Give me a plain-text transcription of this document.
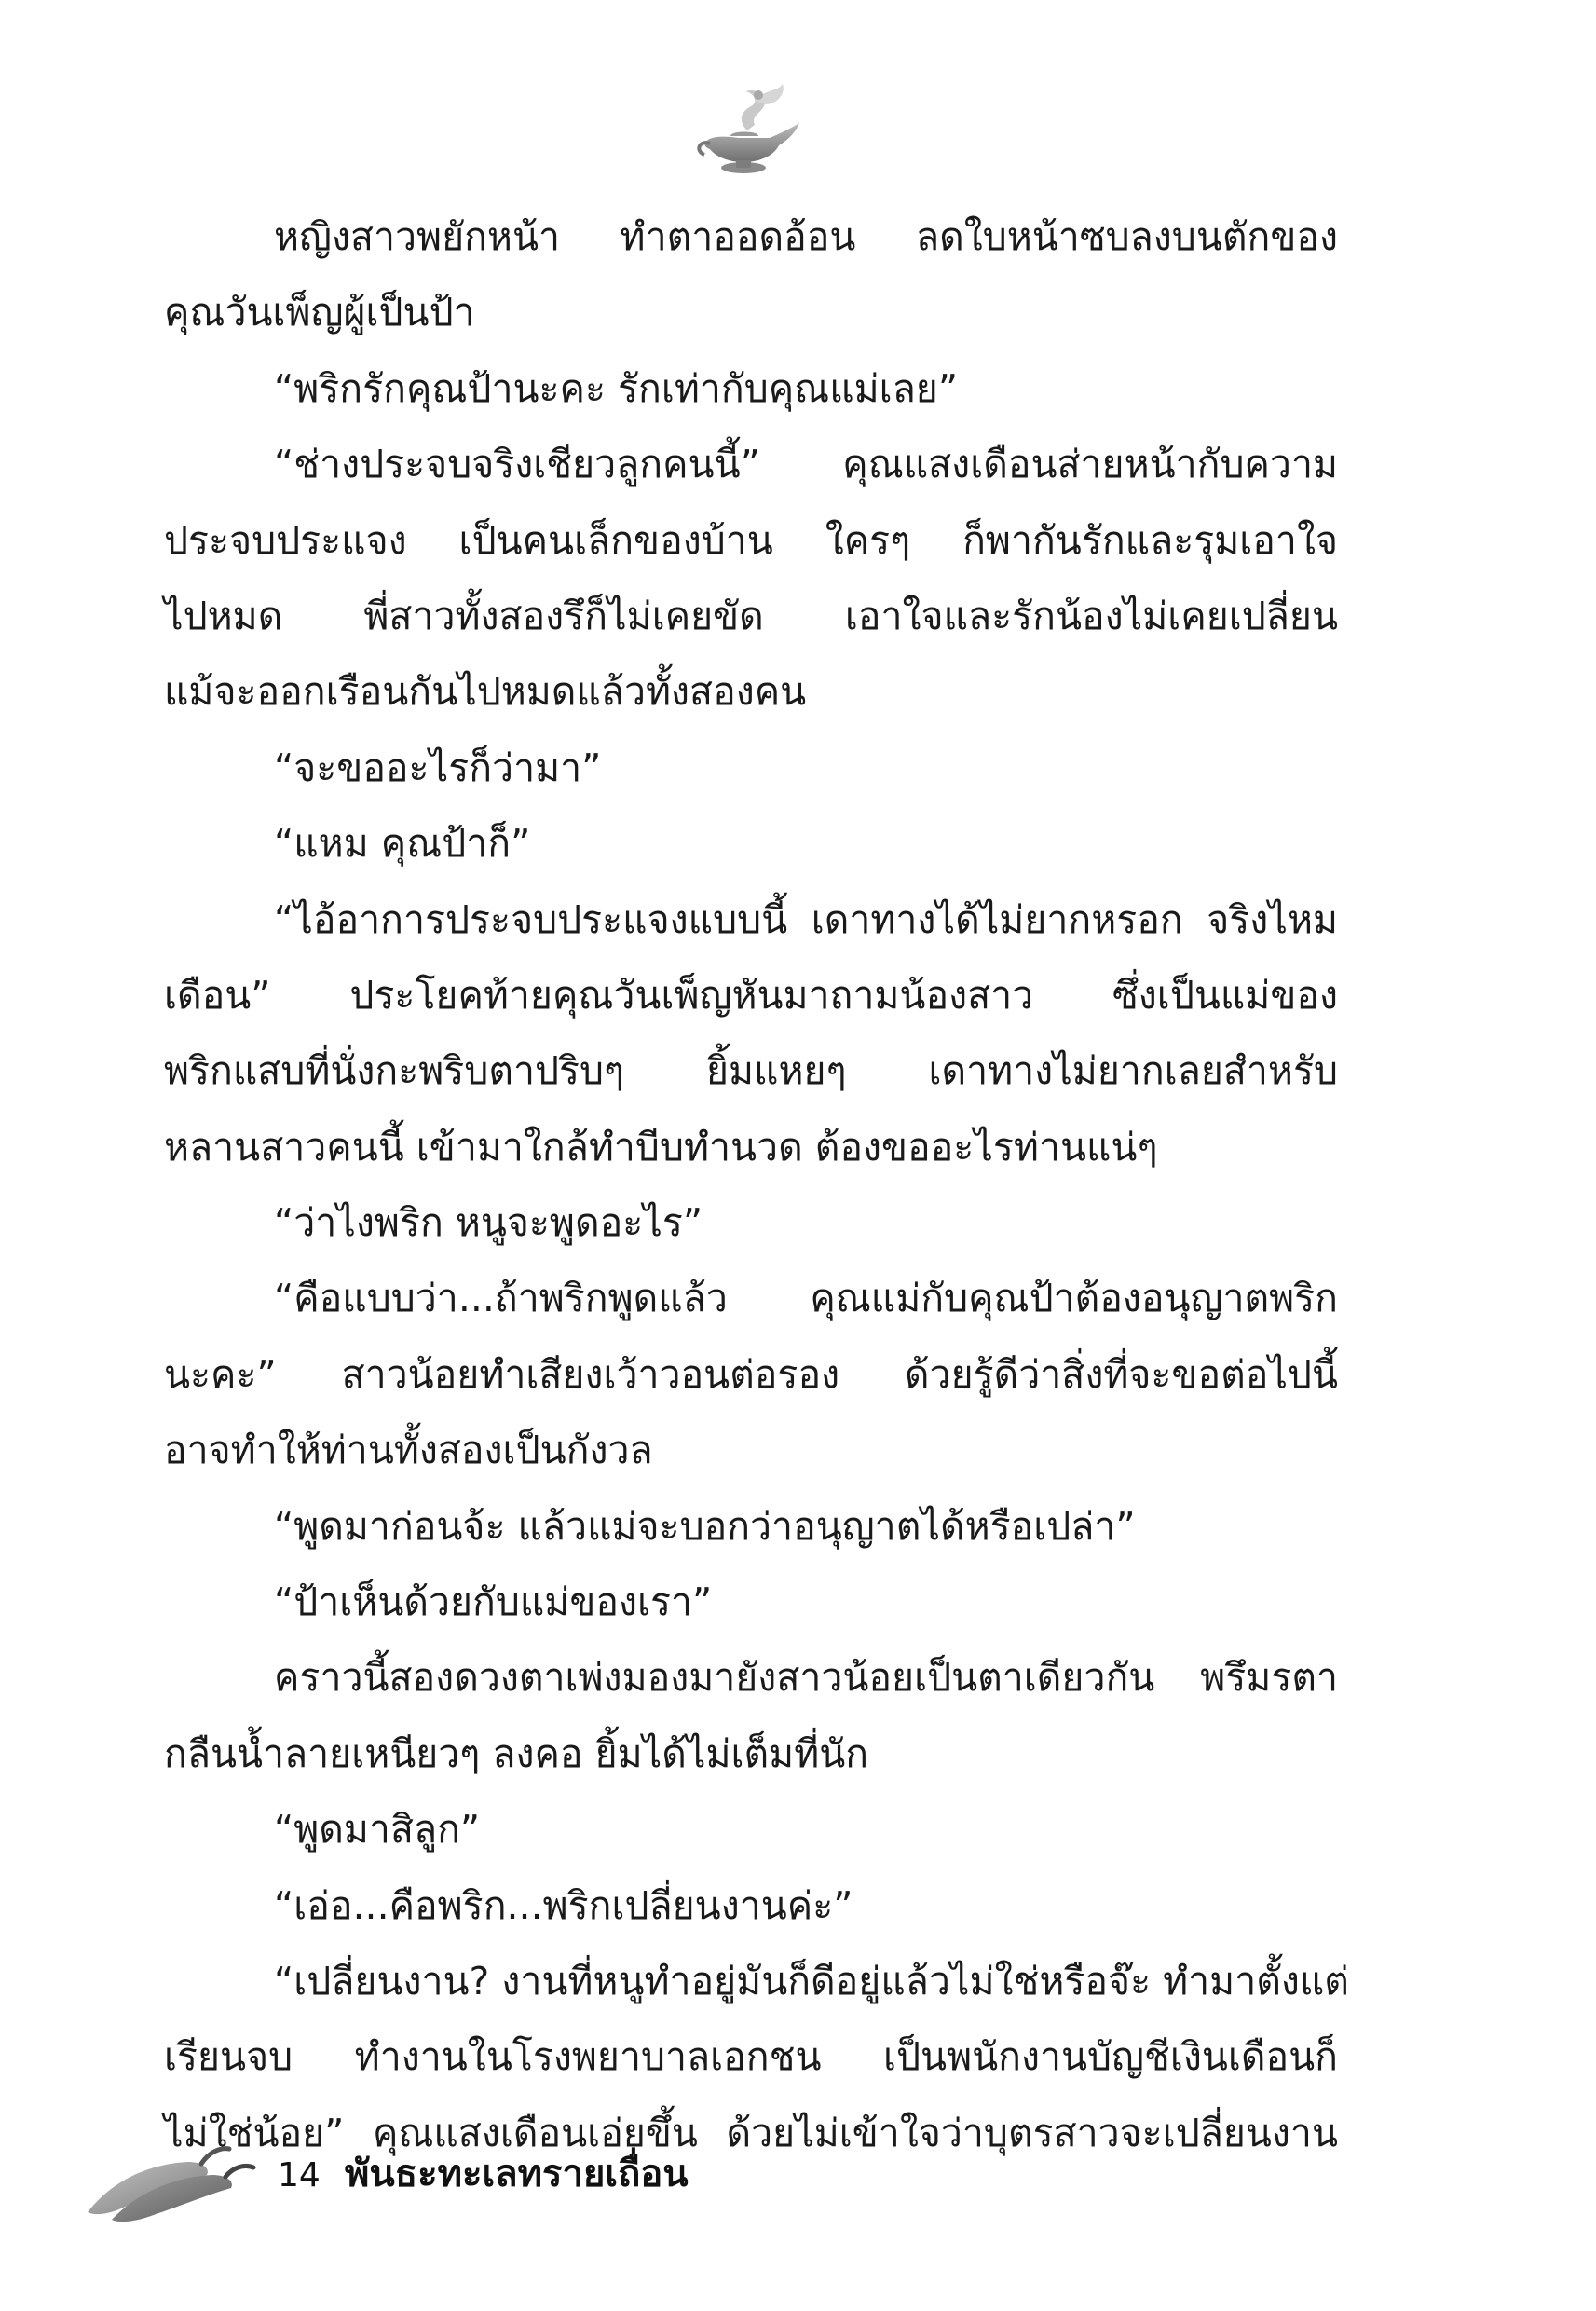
หญิงสาวพยักหน้า ทำตาออดอ้อน ลดใบหน้าซบลงบนตักของ
คุณวันเพ็ญผู้เป็นป้า
“พริกรักคุณป้านะคะ รักเท่ากับคุณแม่เลย”
“ช่างประจบจริงเชียวลูกคนนี้” คุณแสงเดือนส่ายหน้ากับความ
ประจบประแจง เป็นคนเล็กของบ้าน ใครๆ ก็พากันรักและรุมเอาใจ
ไปหมด พี่สาวทั้งสองรึก็ไม่เคยขัด เอาใจและรักน้องไม่เคยเปลี่ยน
แม้จะออกเรือนกันไปหมดแล้วทั้งสองคน
“จะขออะไรก็ว่ามา”
“แหม คุณป้าก็”
“ไอ้อาการประจบประแจงแบบนี้ เดาทางได้ไม่ยากหรอก จริงไหม
เดือน” ประโยคท้ายคุณวันเพ็ญหันมาถามน้องสาว ซึ่งเป็นแม่ของ
พริกแสบที่นั่งกะพริบตาปริบๆ ยิ้มแหยๆ เดาทางไม่ยากเลยสำหรับ
หลานสาวคนนี้ เข้ามาใกล้ทำบีบทำนวด ต้องขออะไรท่านแน่ๆ
“ว่าไงพริก หนูจะพูดอะไร”
“คือแบบว่า...ถ้าพริกพูดแล้ว คุณแม่กับคุณป้าต้องอนุญาตพริก
นะคะ” สาวน้อยทำเสียงเว้าวอนต่อรอง ด้วยรู้ดีว่าสิ่งที่จะขอต่อไปนี้
อาจทำให้ท่านทั้งสองเป็นกังวล
“พูดมาก่อนจ้ะ แล้วแม่จะบอกว่าอนุญาตได้หรือเปล่า”
“ป้าเห็นด้วยกับแม่ของเรา”
คราวนี้สองดวงตาเพ่งมองมายังสาวน้อยเป็นตาเดียวกัน พรึมรตา
กลืนน้ำลายเหนียวๆ ลงคอ ยิ้มได้ไม่เต็มที่นัก
“พูดมาสิลูก”
“เอ่อ...คือพริก...พริกเปลี่ยนงานค่ะ”
“เปลี่ยนงาน? งานที่หนูทำอยู่มันก็ดีอยู่แล้วไม่ใช่หรือจ๊ะ ทำมาตั้งแต่
เรียนจบ ทำงานในโรงพยาบาลเอกชน เป็นพนักงานบัญชีเงินเดือนก็
ไม่ใช่น้อย” คุณแสงเดือนเอ่ยขึ้น ด้วยไม่เข้าใจว่าบุตรสาวจะเปลี่ยนงาน
14 พันธะทะเลทรายเถื่อน
